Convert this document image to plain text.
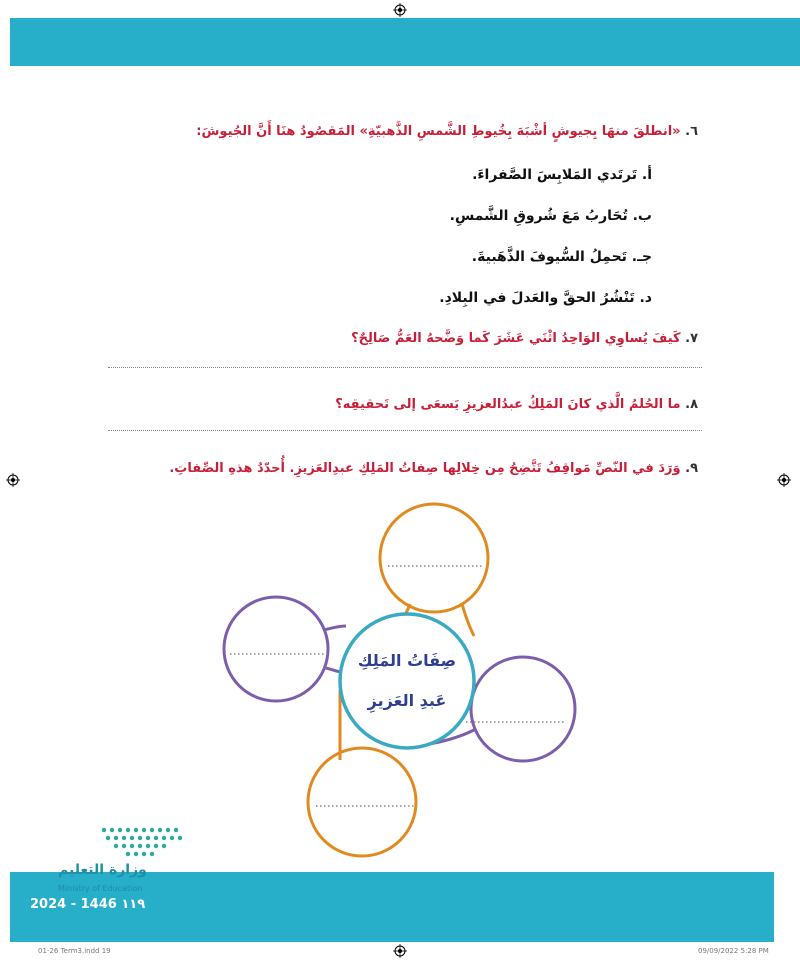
٦. «انطلقَ منهَا بِجيوشٍ أشْبَهَ بِخُيوطِ الشَّمسِ الذَّهبيّةِ» المَقصُودُ هنَا أَنَّ الجُيوشَ:
أ. تَرتَدي المَلابِسَ الصَّفراءَ.
ب. تُحَاربُ مَعَ شُروقِ الشَّمسِ.
جـ. تَحمِلُ السُّيوفَ الذَّهَبيةَ.
د. تَنْشُرُ الحقَّ والعَدلَ في البِلادِ.
٧. كَيفَ يُساوِي الوَاحِدُ اثْنَي عَشَرَ كَما وَضَّحهُ العَمُّ صَالِحٌ؟
٨. ما الحُلمُ الَّذي كانَ المَلِكُ عبدُالعزيزِ يَسعَى إلى تَحقيقِه؟
٩. وَرَدَ في النّصِّ مَواقِفُ تَتَّضِحُ مِن خِلالِها صِفاتُ المَلِكِ عبدِالعَزيزِ. أُحدّدُ هذهِ الصِّفاتِ.
صِفَاتُ المَلِكِ
عَبدِ العَزيزِ
وزارة التعليم
Ministry of Education
2024 - 1446 ١١٩
01-26 Term3.indd 19	09/09/2022 5:28 PM
